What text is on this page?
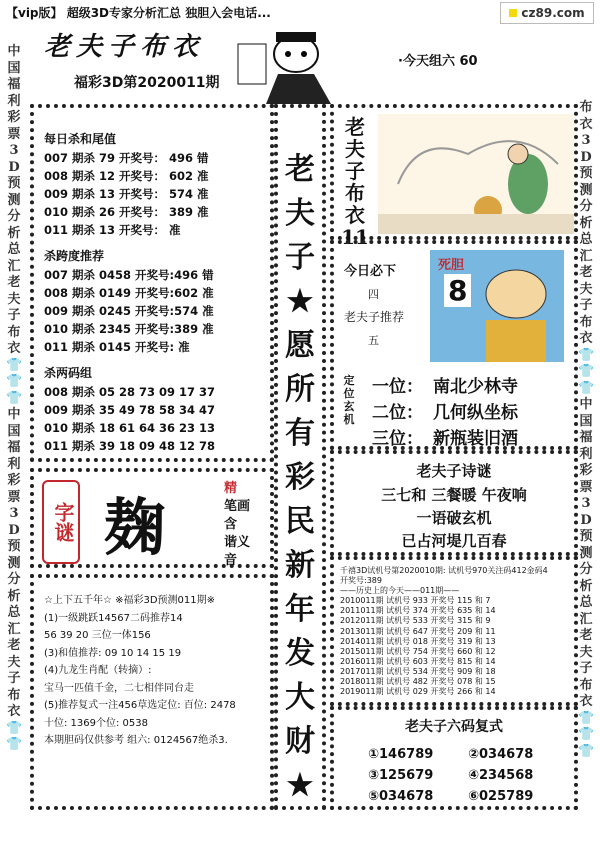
【vip版】 超级3D专家分析汇总 独胆入会电话...	cz89.com
老夫子布衣
福彩3D第2020011期
·今天组六 60
中
国
福
利
彩
票
3
D
预
测
分
析
总
汇
老
夫
子
布
衣
👕
👕
👕
中
国
福
利
彩
票
3
D
预
测
分
析
总
汇
老
夫
子
布
衣
👕
👕
布
衣
3
D
预
测
分
析
总
汇
老
夫
子
布
衣
👕
👕
👕
中
国
福
利
彩
票
3
D
预
测
分
析
总
汇
老
夫
子
布
衣
👕
👕
👕
每日杀和尾值
007 期杀 79 开奖号： 496 错
008 期杀 12 开奖号： 602 准
009 期杀 13 开奖号： 574 准
010 期杀 26 开奖号： 389 准
011 期杀 13 开奖号： 准
杀跨度推荐
007 期杀 0458 开奖号:496 错
008 期杀 0149 开奖号:602 准
009 期杀 0245 开奖号:574 准
010 期杀 2345 开奖号:389 准
011 期杀 0145 开奖号: 准
杀两码组
008 期杀 05 28 73 09 17 37
009 期杀 35 49 78 58 34 47
010 期杀 18 61 64 36 23 13
011 期杀 39 18 09 48 12 78
字谜 麹
精
笔画
含
谐义
音
☆上下五千年☆ ※福彩3D预测011期※
(1)一级跳跃14567二码推荐14
56 39 20 三位一体156
(3)和值推荐: 09 10 14 15 19
(4)九龙生肖配（转摘）:
宝马一匹值千金，二七相伴同台走
(5)推荐复式一注456草选定位: 百位: 2478
十位: 1369个位: 0538
本期胆码仅供参考 组六: 0124567绝杀3.
老
夫
子
★
愿
所
有
彩
民
新
年
发
大
财
★
老
夫
子
布
衣
11
今日必下
四
老夫子推荐
五
死胆
8
定
位
玄
机
一位： 南北少林寺
二位： 几何纵坐标
三位： 新瓶装旧酒
老夫子诗谜
三七和 三餐暖 午夜响
一语破玄机
已占河堤几百春
千禧3D试机号第2020010期: 试机号970关注码412金码4
开奖号:389
——历史上的今天——011期——
2010011期 试机号 933 开奖号 115 和 7
2011011期 试机号 374 开奖号 635 和 14
2012011期 试机号 533 开奖号 315 和 9
2013011期 试机号 647 开奖号 209 和 11
2014011期 试机号 018 开奖号 319 和 13
2015011期 试机号 754 开奖号 660 和 12
2016011期 试机号 603 开奖号 815 和 14
2017011期 试机号 534 开奖号 909 和 18
2018011期 试机号 482 开奖号 078 和 15
2019011期 试机号 029 开奖号 266 和 14
老夫子六码复式
①146789	②034678
③125679	④234568
⑤034678	⑥025789
